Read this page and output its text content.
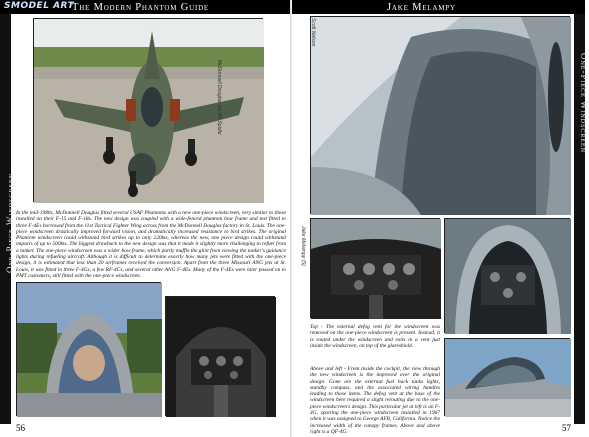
SMODEL ART
The Modern Phantom Guide
One-Piece Windscreen
McDonnell Douglas via Bill Spidle
In the mid-1980s, McDonnell Douglas fitted several USAF Phantoms with a new one-piece windscreen, very similar to those installed on their F-15 and F-18s. The new design was coupled with a wide-fenced phantom bow frame and test fitted to three F-4Es borrowed from the 11st Tactical Fighter Wing across from the McDonnell Douglas factory in St. Louis. The one-piece windscreen drastically improved forward vision, and dramatically increased resistance to bird strikes. The original Phantom windscreen could withstand bird strikes up to only 220kts, whereas the new, one piece design could withstand impacts of up to 500kts. The biggest drawback to the new design was that it made it slightly more challenging to refuel from a tanker. The one-piece windscreen was a wider bow frame, which partly muffle the glint from viewing the tanker's guidance lights during refueling aircraft. Although it is difficult to determine exactly how many jets were fitted with the one-piece design, it is estimated that less than 20 airframes received the conversion. Apart from the three Missouri ANG jets at St. Louis, it was fitted in three F-4Gs, a few RF-4Cs, and several other ANG F-4Es. Many of the F-4Es were later passed on to PMT customers, still fitted with the one-piece windscreen.
56
Jake Melampy
One-Piece Windscreen
Scott Nelson
Jake Melampy (5)
Top - The external defog vent for the windscreen was removed on the one-piece windscreen is present. Instead, it is routed under the windscreen and exits in a vent just inside the windscreen, on top of the glareshield.
Above and left - From inside the cockpit, the view through the new windscreen is the improved over the original design. Gone are the external fuel back tanks lights, standby compass, and the associated wiring handles leading to those items. The defog vent at the base of the windscreen here required a slight rerouting due to the one-piece windscreen's design. This particular jet at left is an F-4G, sporting the one-piece windscreen installed in 1967 when it was assigned to George AFB, California. Notice the increased width of the canopy frames. Above and above right is a QF-4G.	57
